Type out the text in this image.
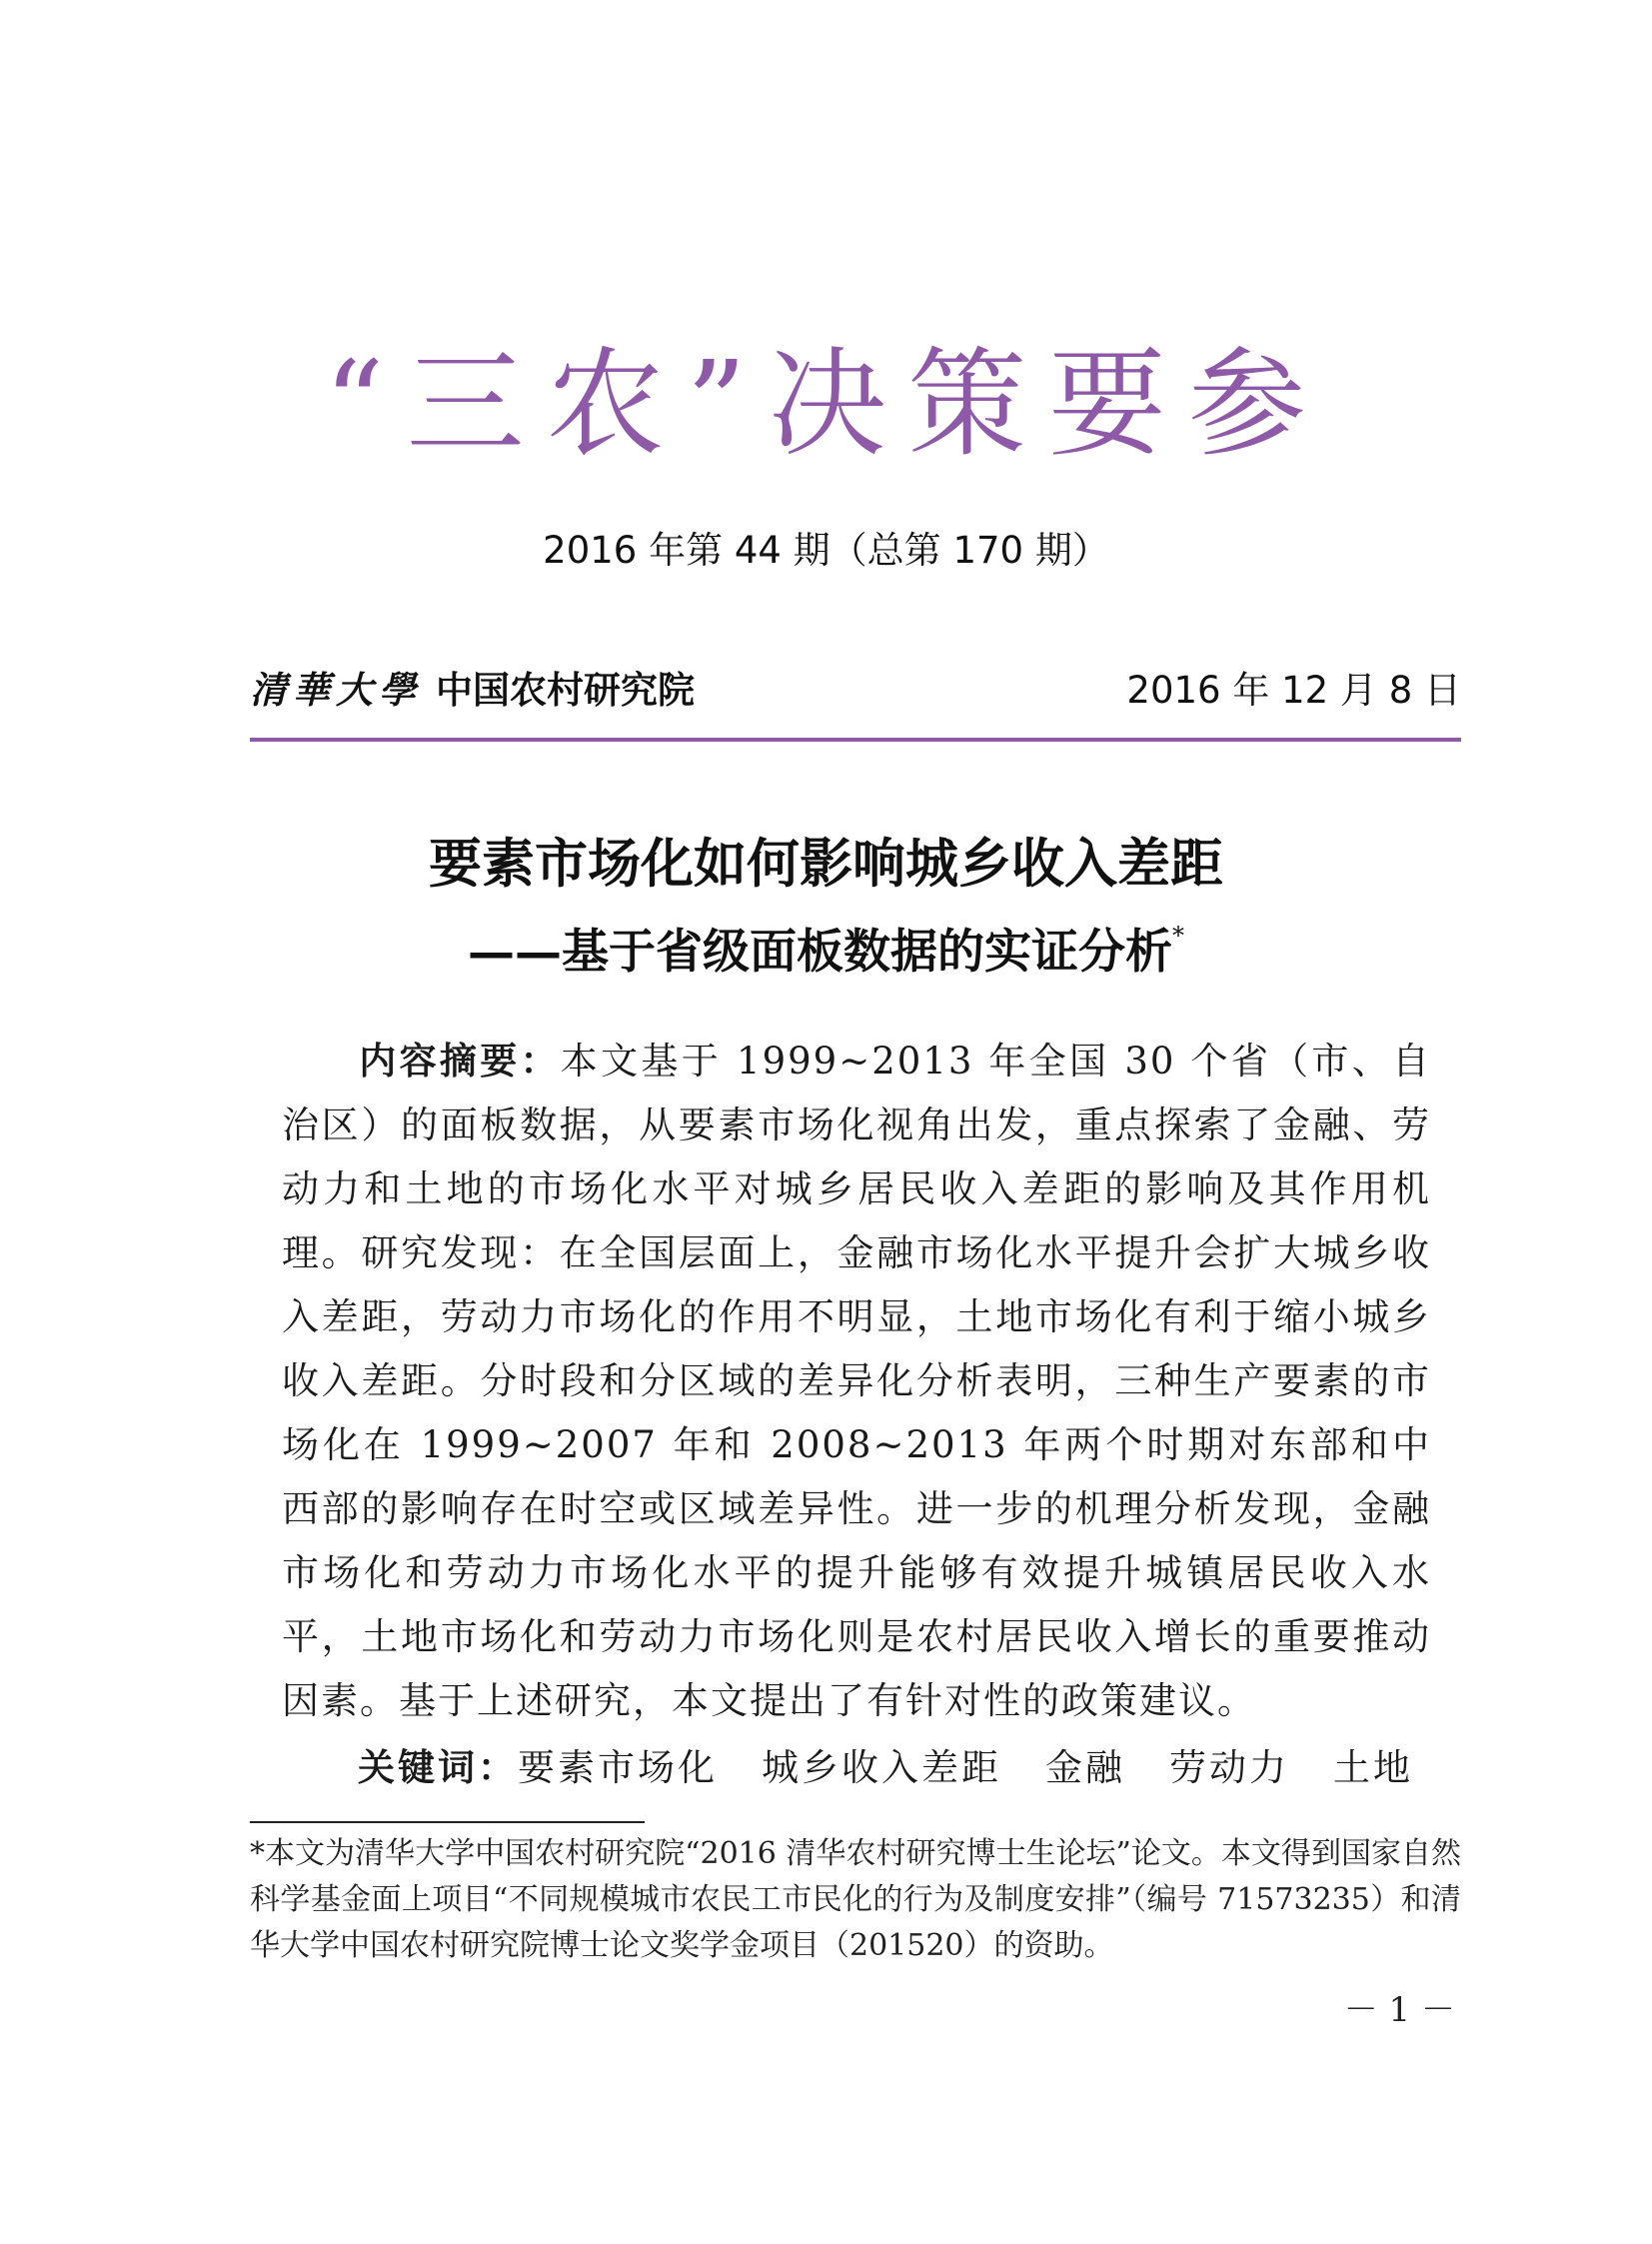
“三农”决策要参
2016 年第 44 期（总第 170 期）
清華大學 中国农村研究院	2016 年 12 月 8 日
要素市场化如何影响城乡收入差距
——基于省级面板数据的实证分析*

内容摘要：本文基于 1999~2013 年全国 30 个省（市、自治区）的面板数据，从要素市场化视角出发，重点探索了金融、劳动力和土地的市场化水平对城乡居民收入差距的影响及其作用机理。研究发现：在全国层面上，金融市场化水平提升会扩大城乡收入差距，劳动力市场化的作用不明显，土地市场化有利于缩小城乡收入差距。分时段和分区域的差异化分析表明，三种生产要素的市场化在 1999~2007 年和 2008~2013 年两个时期对东部和中西部的影响存在时空或区域差异性。进一步的机理分析发现，金融市场化和劳动力市场化水平的提升能够有效提升城镇居民收入水平，土地市场化和劳动力市场化则是农村居民收入增长的重要推动因素。基于上述研究，本文提出了有针对性的政策建议。

关键词：要素市场化 城乡收入差距 金融 劳动力 土地

*本文为清华大学中国农村研究院“2016 清华农村研究博士生论坛”论文。本文得到国家自然科学基金面上项目“不同规模城市农民工市民化的行为及制度安排”（编号 71573235）和清华大学中国农村研究院博士论文奖学金项目（201520）的资助。

－ 1 －
